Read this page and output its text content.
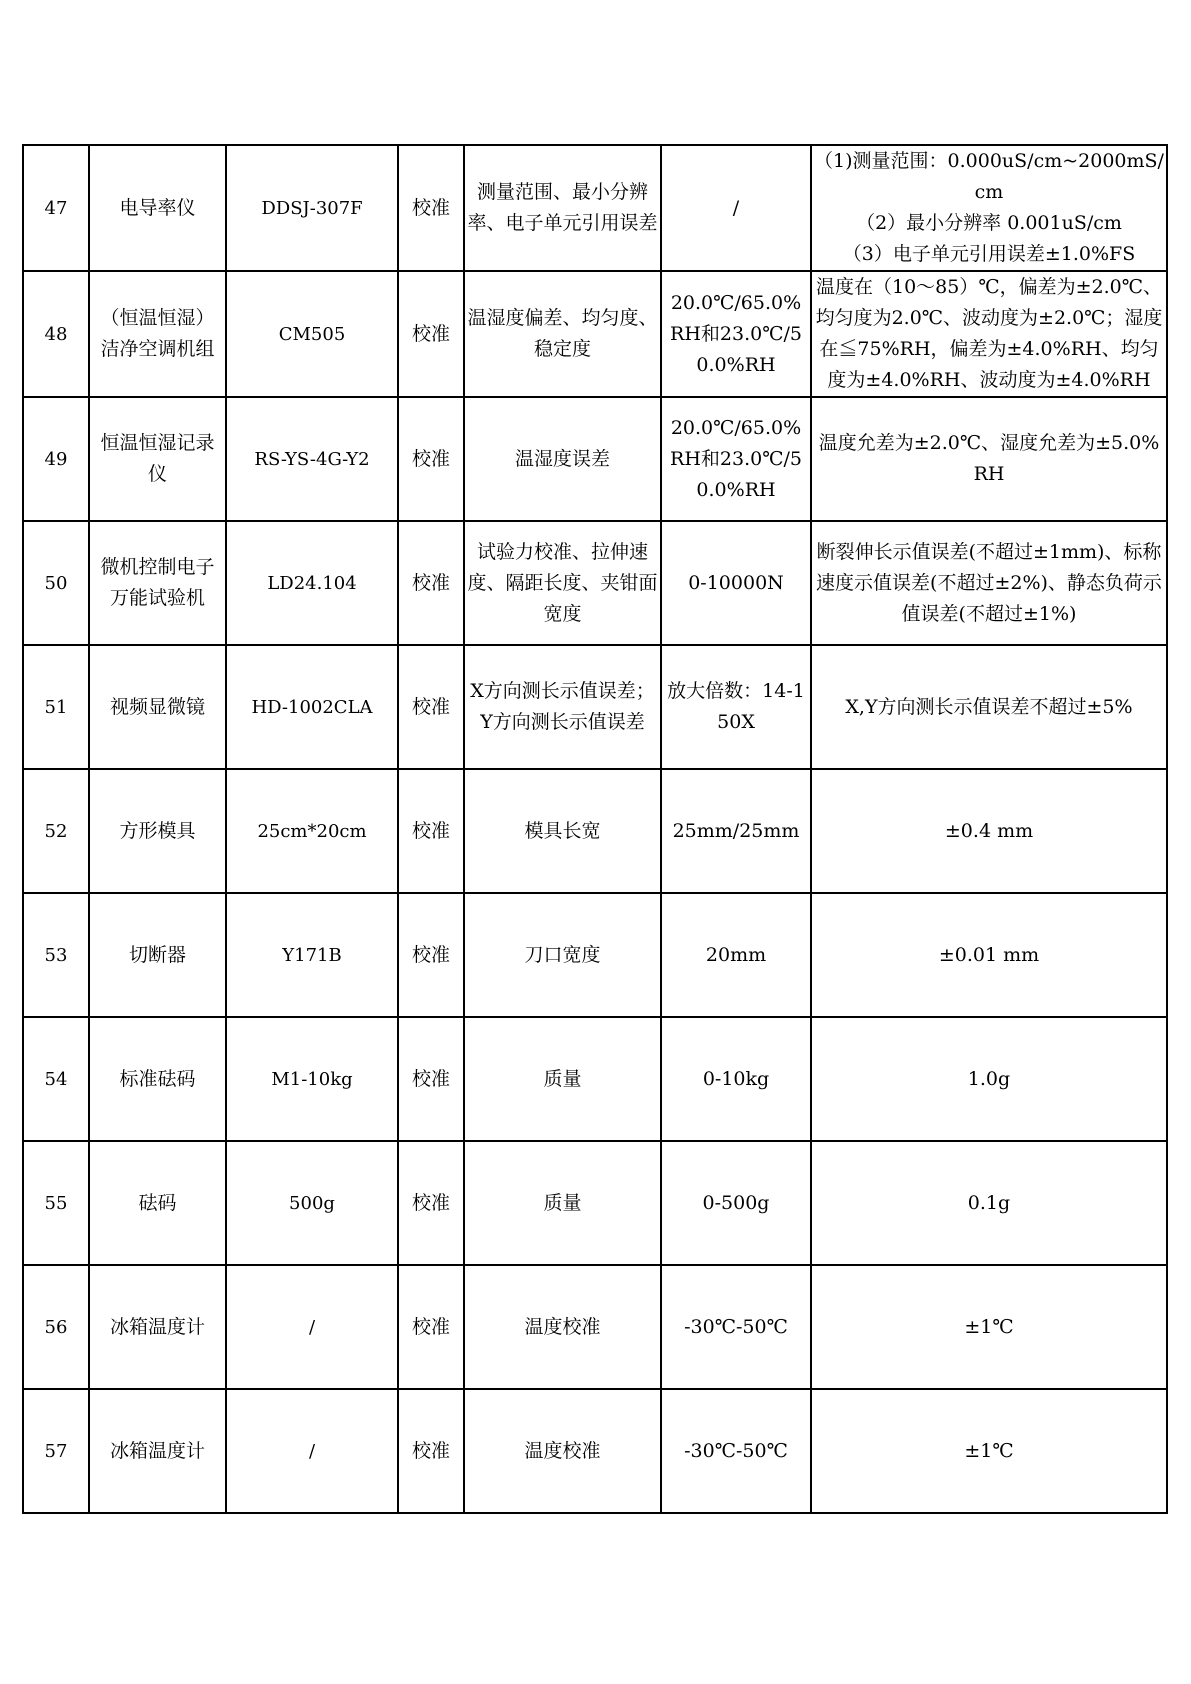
47	电导率仪	DDSJ-307F	校准	测量范围、最小分辨率、电子单元引用误差	/	（1)测量范围：0.000uS/cm~2000mS/cm
（2）最小分辨率 0.001uS/cm
（3）电子单元引用误差±1.0%FS
48	（恒温恒湿）洁净空调机组	CM505	校准	温湿度偏差、均匀度、稳定度	20.0℃/65.0%RH和23.0℃/50.0%RH	温度在（10～85）℃，偏差为±2.0℃、均匀度为2.0℃、波动度为±2.0℃；湿度在≦75%RH，偏差为±4.0%RH、均匀度为±4.0%RH、波动度为±4.0%RH
49	恒温恒湿记录仪	RS-YS-4G-Y2	校准	温湿度误差	20.0℃/65.0%RH和23.0℃/50.0%RH	温度允差为±2.0℃、湿度允差为±5.0%RH
50	微机控制电子万能试验机	LD24.104	校准	试验力校准、拉伸速度、隔距长度、夹钳面宽度	0-10000N	断裂伸长示值误差(不超过±1mm)、标称速度示值误差(不超过±2%)、静态负荷示值误差(不超过±1%)
51	视频显微镜	HD-1002CLA	校准	X方向测长示值误差；Y方向测长示值误差	放大倍数：14-150X	X,Y方向测长示值误差不超过±5%
52	方形模具	25cm*20cm	校准	模具长宽	25mm/25mm	±0.4 mm
53	切断器	Y171B	校准	刀口宽度	20mm	±0.01 mm
54	标准砝码	M1-10kg	校准	质量	0-10kg	1.0g
55	砝码	500g	校准	质量	0-500g	0.1g
56	冰箱温度计	/	校准	温度校准	-30℃-50℃	±1℃
57	冰箱温度计	/	校准	温度校准	-30℃-50℃	±1℃
